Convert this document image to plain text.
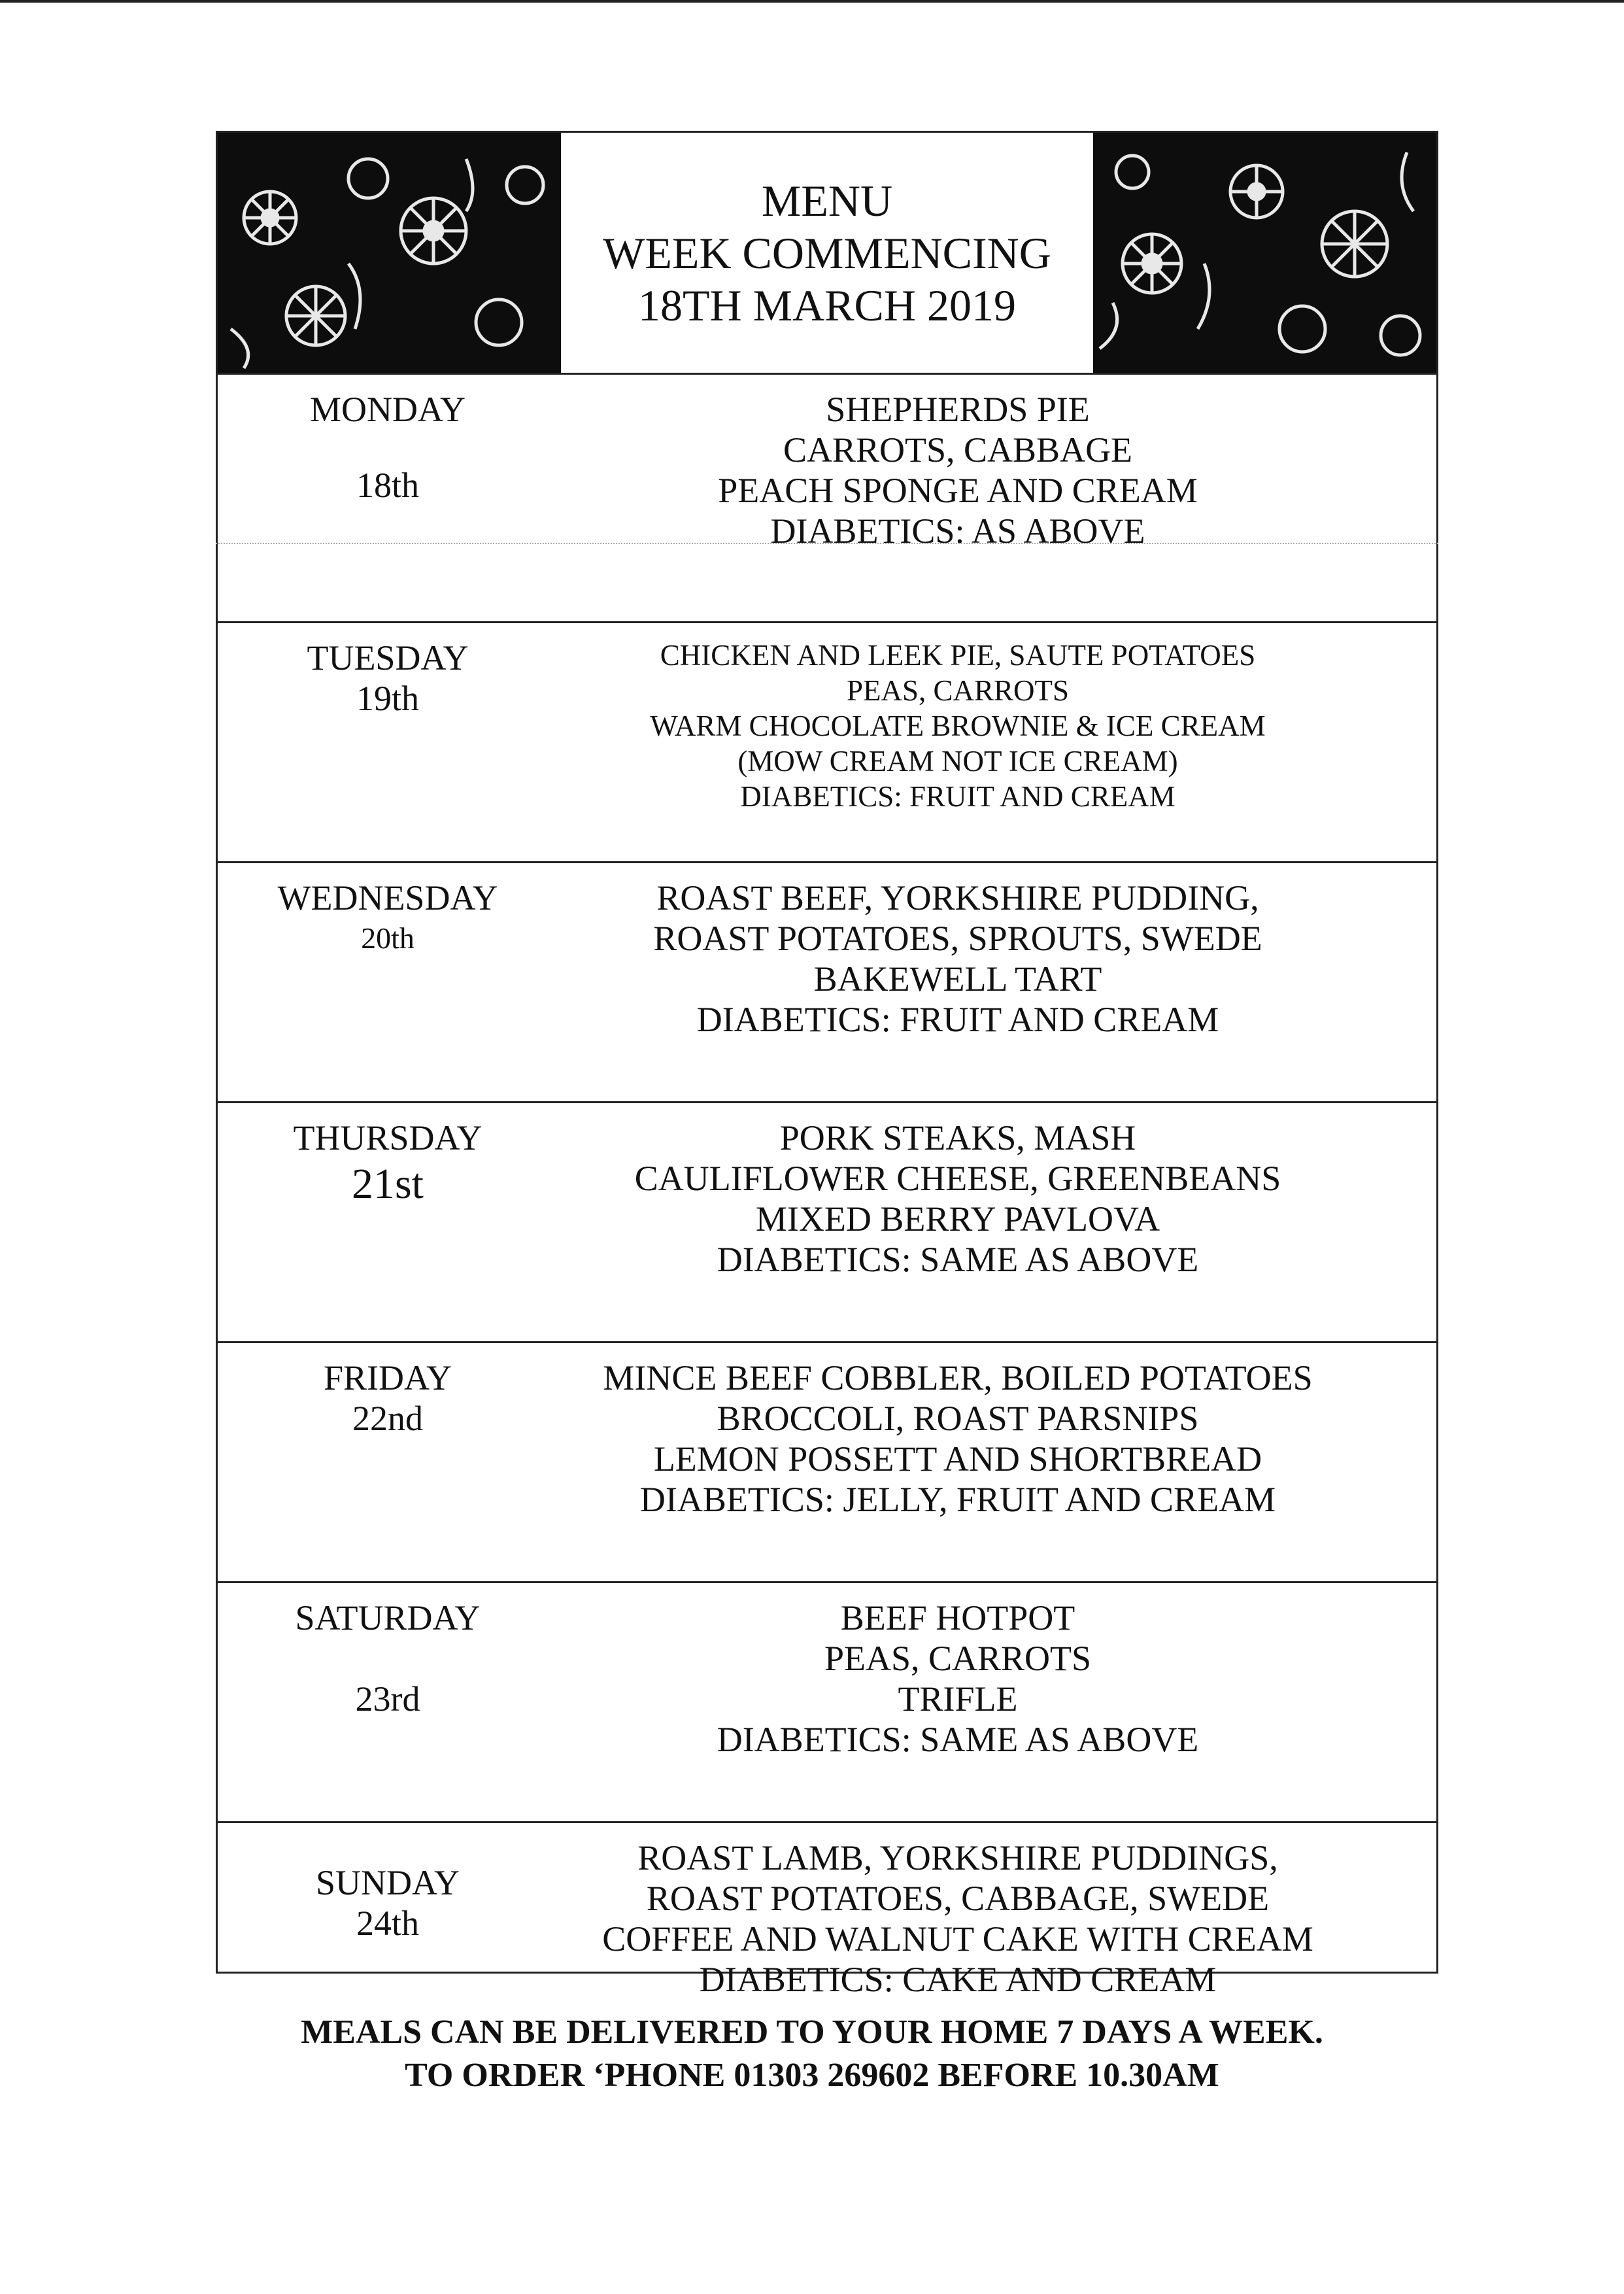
MENU
WEEK COMMENCING
18TH MARCH 2019
MONDAY
18th
SHEPHERDS PIE
CARROTS, CABBAGE
PEACH SPONGE AND CREAM
DIABETICS: AS ABOVE
TUESDAY
19th
CHICKEN AND LEEK PIE, SAUTE POTATOES
PEAS, CARROTS
WARM CHOCOLATE BROWNIE & ICE CREAM
(MOW CREAM NOT ICE CREAM)
DIABETICS: FRUIT AND CREAM
WEDNESDAY
20th
ROAST BEEF, YORKSHIRE PUDDING,
ROAST POTATOES, SPROUTS, SWEDE
BAKEWELL TART
DIABETICS: FRUIT AND CREAM
THURSDAY
21st
PORK STEAKS, MASH
CAULIFLOWER CHEESE, GREENBEANS
MIXED BERRY PAVLOVA
DIABETICS: SAME AS ABOVE
FRIDAY
22nd
MINCE BEEF COBBLER, BOILED POTATOES
BROCCOLI, ROAST PARSNIPS
LEMON POSSETT AND SHORTBREAD
DIABETICS: JELLY, FRUIT AND CREAM
SATURDAY
23rd
BEEF HOTPOT
PEAS, CARROTS
TRIFLE
DIABETICS: SAME AS ABOVE
SUNDAY
24th
ROAST LAMB, YORKSHIRE PUDDINGS,
ROAST POTATOES, CABBAGE, SWEDE
COFFEE AND WALNUT CAKE WITH CREAM
DIABETICS: CAKE AND CREAM
MEALS CAN BE DELIVERED TO YOUR HOME 7 DAYS A WEEK.
TO ORDER ‘PHONE 01303 269602 BEFORE 10.30AM
